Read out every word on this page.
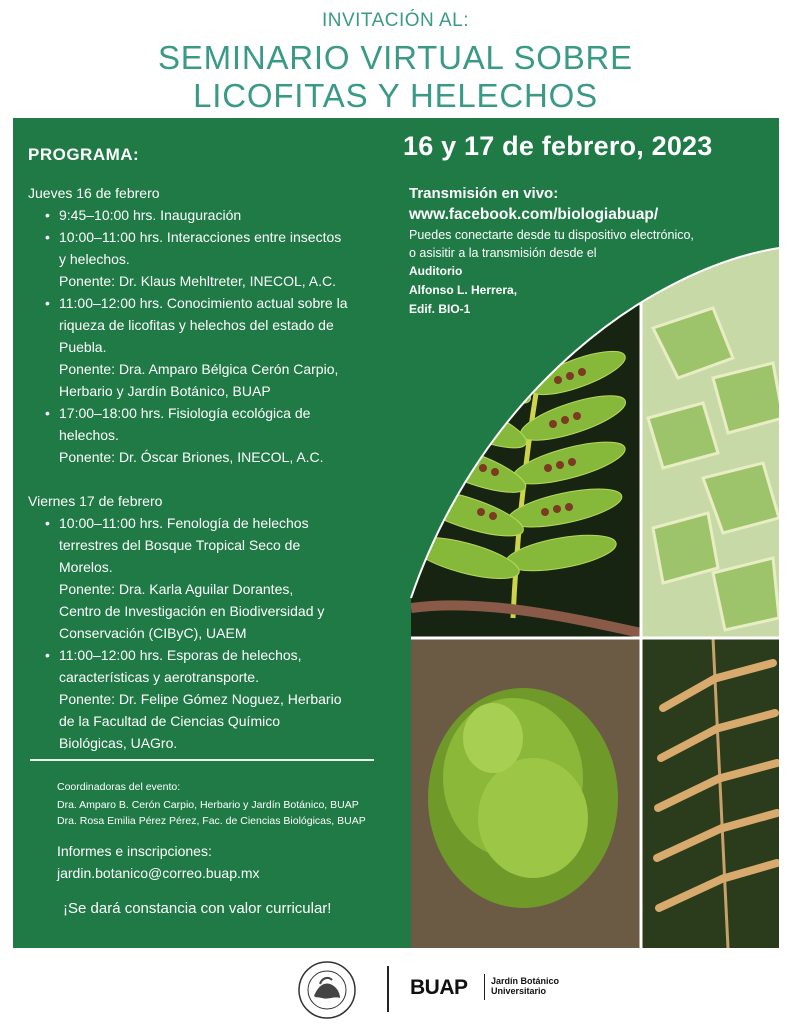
INVITACIÓN AL:
SEMINARIO VIRTUAL SOBRE
LICOFITAS Y HELECHOS
16 y 17 de febrero, 2023
Transmisión en vivo:
www.facebook.com/biologiabuap/
Puedes conectarte desde tu dispositivo electrónico,
o asisitir a la transmisión desde el
Auditorio
Alfonso L. Herrera,
Edif. BIO-1
PROGRAMA:
Jueves 16 de febrero
• 9:45–10:00 hrs. Inauguración
• 10:00–11:00 hrs. Interacciones entre insectos
y helechos.
Ponente: Dr. Klaus Mehltreter, INECOL, A.C.
• 11:00–12:00 hrs. Conocimiento actual sobre la
riqueza de licofitas y helechos del estado de
Puebla.
Ponente: Dra. Amparo Bélgica Cerón Carpio,
Herbario y Jardín Botánico, BUAP
• 17:00–18:00 hrs. Fisiología ecológica de
helechos.
Ponente: Dr. Óscar Briones, INECOL, A.C.
Viernes 17 de febrero
• 10:00–11:00 hrs. Fenología de helechos
terrestres del Bosque Tropical Seco de
Morelos.
Ponente: Dra. Karla Aguilar Dorantes,
Centro de Investigación en Biodiversidad y
Conservación (CIByC), UAEM
• 11:00–12:00 hrs. Esporas de helechos,
características y aerotransporte.
Ponente: Dr. Felipe Gómez Noguez, Herbario
de la Facultad de Ciencias Químico
Biológicas, UAGro.
Coordinadoras del evento:
Dra. Amparo B. Cerón Carpio, Herbario y Jardín Botánico, BUAP
Dra. Rosa Emilia Pérez Pérez, Fac. de Ciencias Biológicas, BUAP
Informes e inscripciones:
jardin.botanico@correo.buap.mx
¡Se dará constancia con valor curricular!
BUAP	Jardín Botánico
Universitario
